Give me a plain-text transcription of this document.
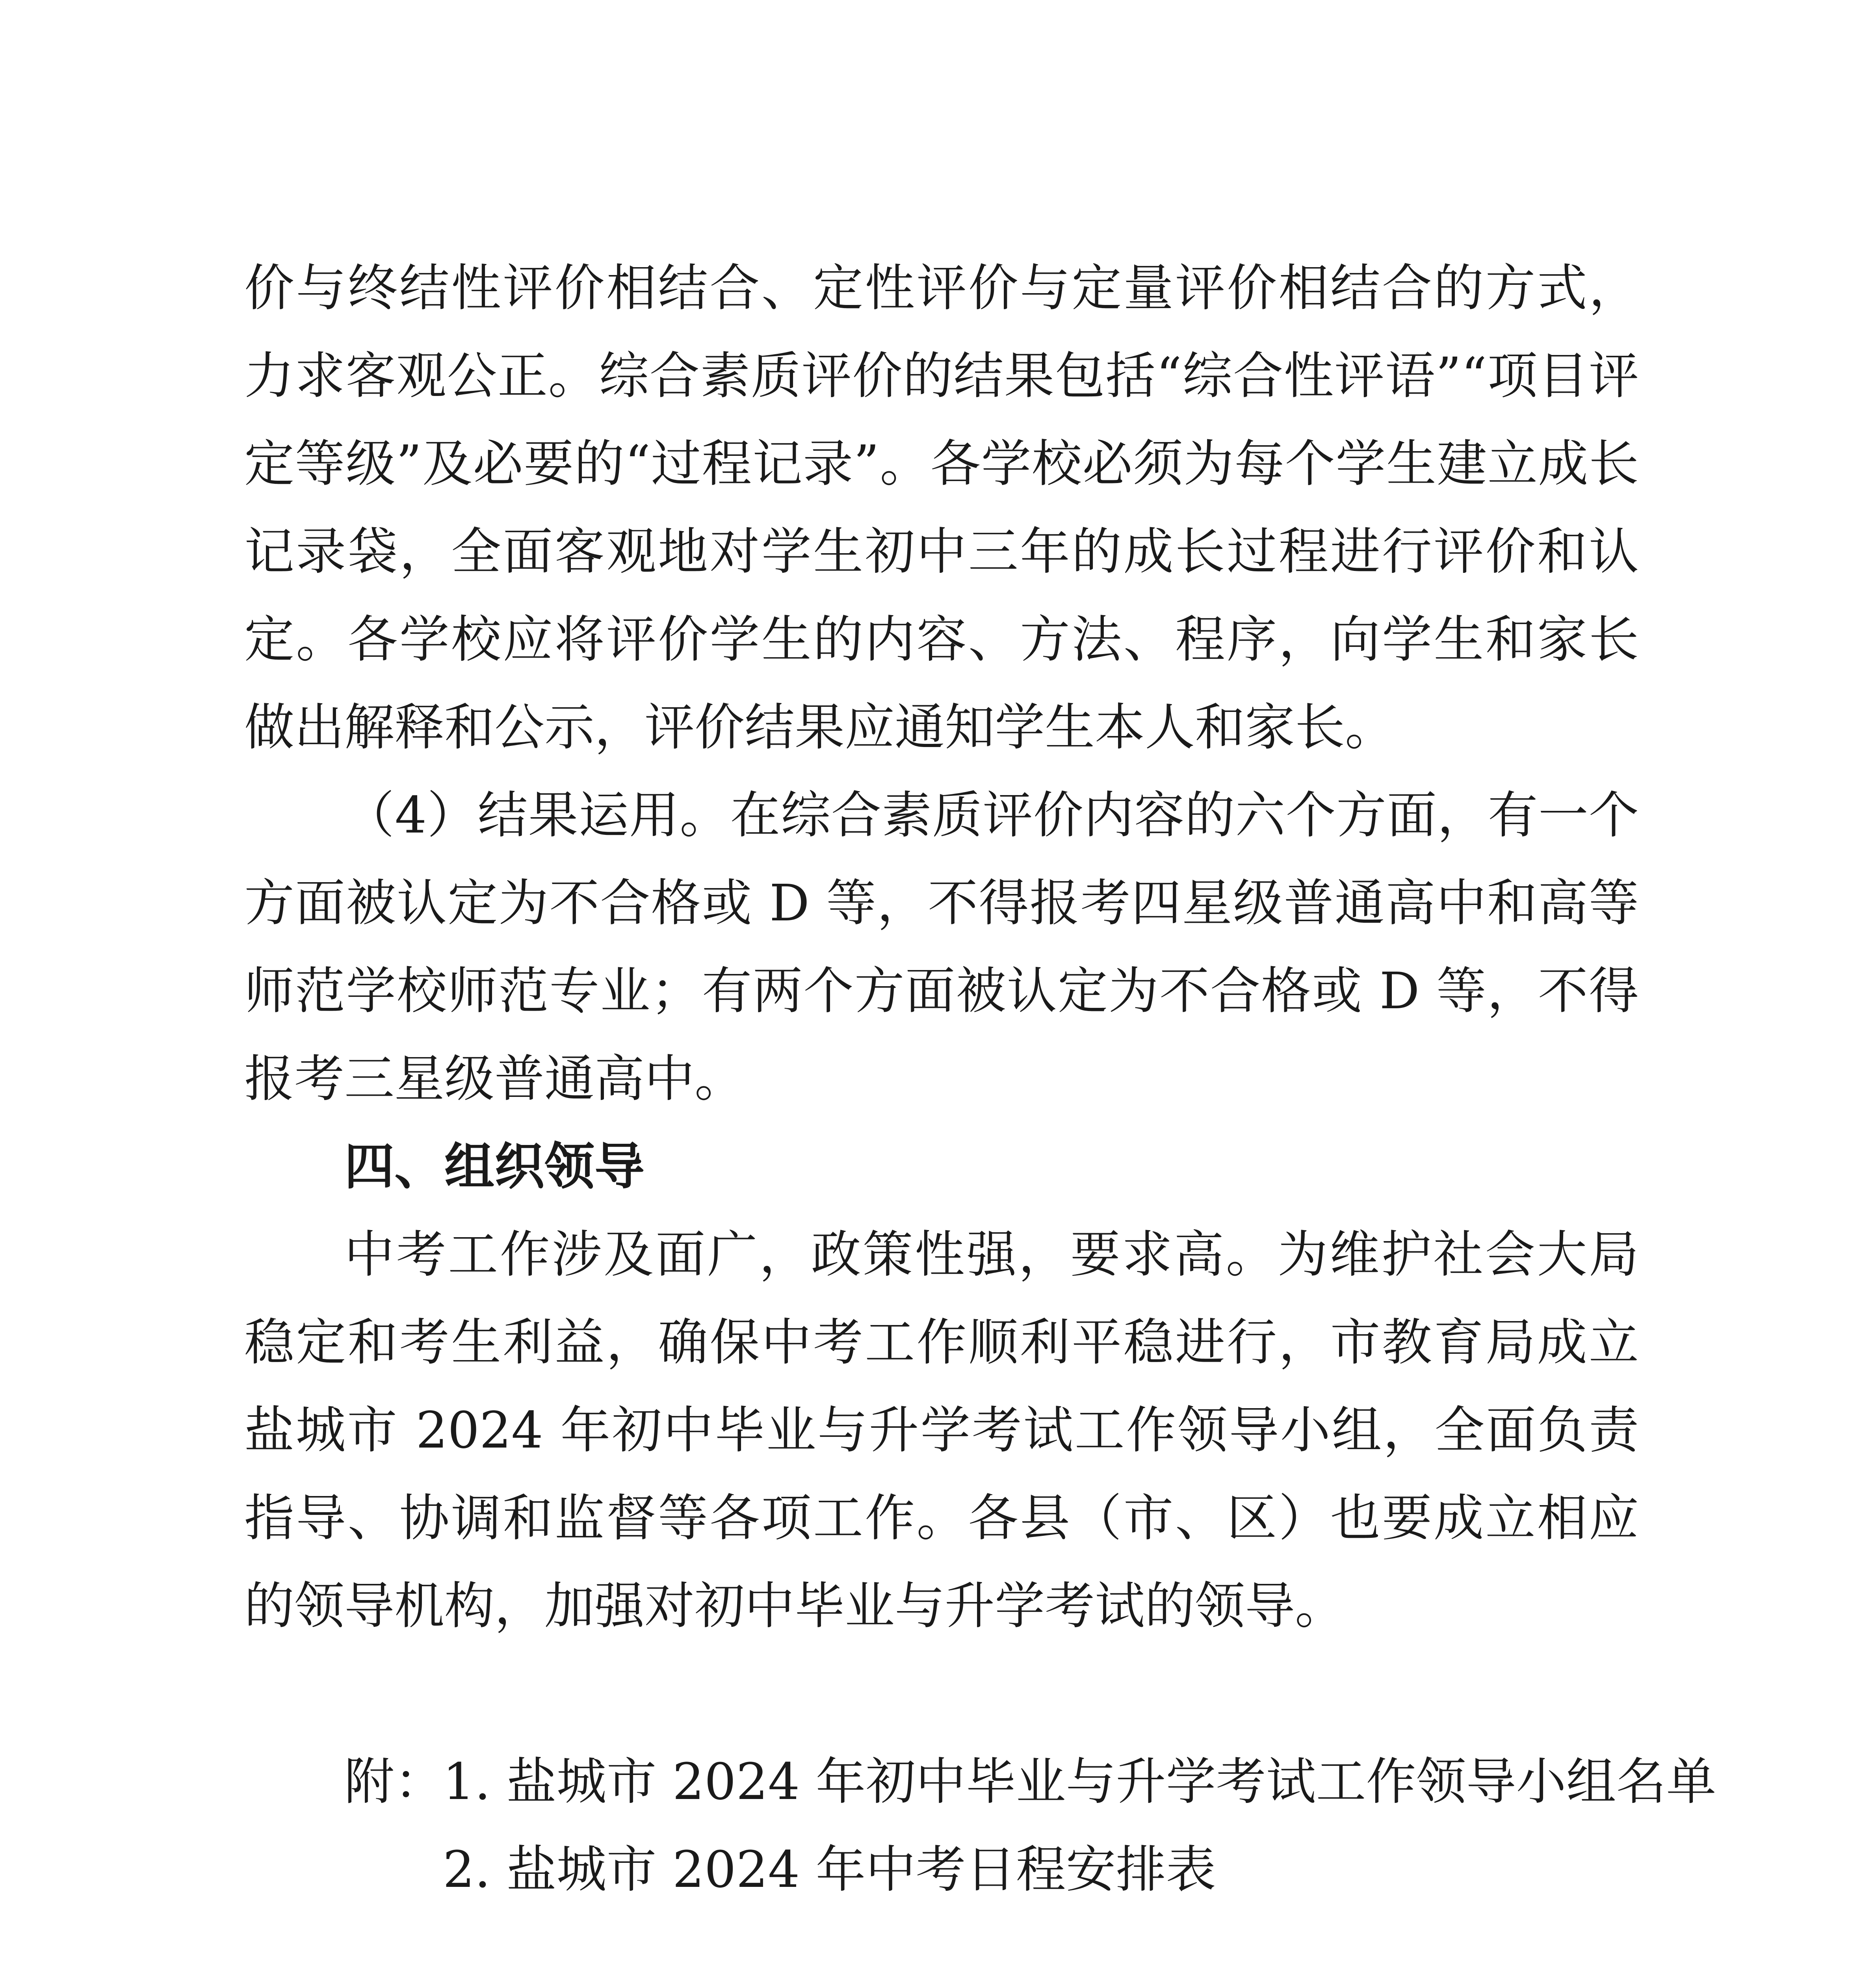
价与终结性评价相结合、定性评价与定量评价相结合的方式，力求客观公正。综合素质评价的结果包括“综合性评语”“项目评定等级”及必要的“过程记录”。各学校必须为每个学生建立成长记录袋，全面客观地对学生初中三年的成长过程进行评价和认定。各学校应将评价学生的内容、方法、程序，向学生和家长做出解释和公示，评价结果应通知学生本人和家长。

（4）结果运用。在综合素质评价内容的六个方面，有一个方面被认定为不合格或 D 等，不得报考四星级普通高中和高等师范学校师范专业；有两个方面被认定为不合格或 D 等，不得报考三星级普通高中。

四、组织领导

中考工作涉及面广，政策性强，要求高。为维护社会大局稳定和考生利益，确保中考工作顺利平稳进行，市教育局成立盐城市 2024 年初中毕业与升学考试工作领导小组，全面负责指导、协调和监督等各项工作。各县（市、区）也要成立相应的领导机构，加强对初中毕业与升学考试的领导。

附：1. 盐城市 2024 年初中毕业与升学考试工作领导小组名单
2. 盐城市 2024 年中考日程安排表
